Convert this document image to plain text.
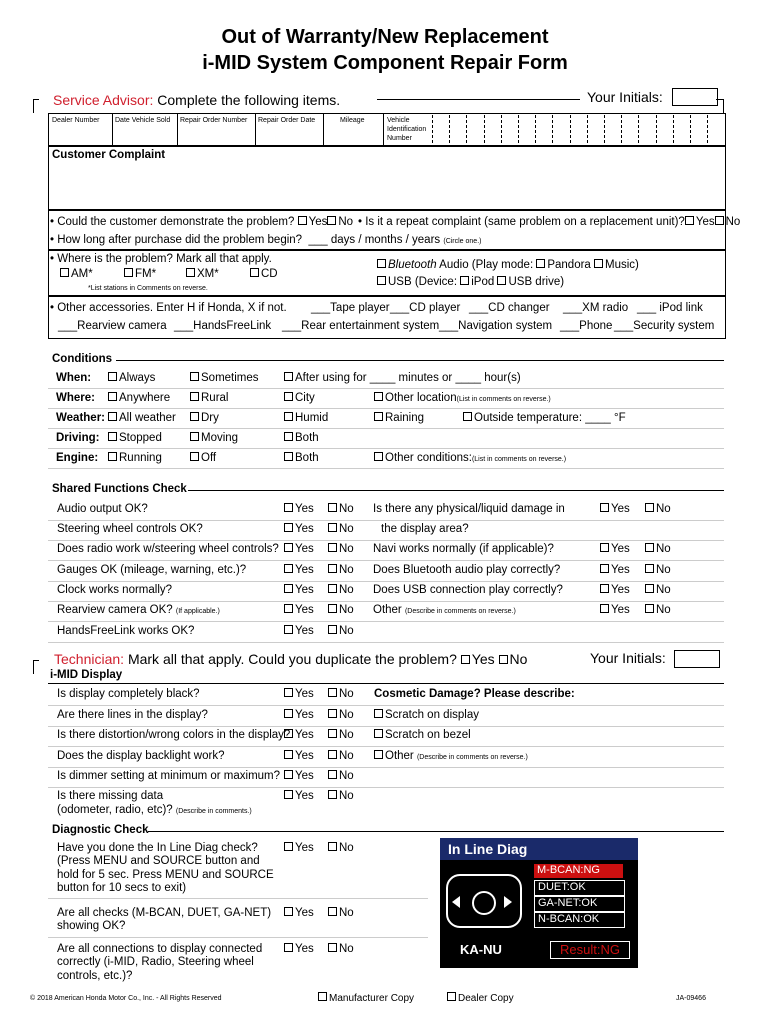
Out of Warranty/New Replacement
i-MID System Component Repair Form
Service Advisor: Complete the following items.	Your Initials:
Dealer Number Date Vehicle Sold Repair Order Number Repair Order Date	Mileage	Vehicle Identification Number
Customer Complaint
• Could the customer demonstrate the problem? Yes No • Is it a repeat complaint (same problem on a replacement unit)? Yes No
• How long after purchase did the problem begin? ___ days / months / years (Circle one.)
• Where is the problem? Mark all that apply.
AM*	FM*	XM*	CD
Bluetooth Audio (Play mode: Pandora Music)
USB (Device: iPod USB drive)
*List stations in Comments on reverse.
• Other accessories. Enter H if Honda, X if not. ___Tape player ___CD player ___CD changer ___XM radio ___ iPod link
___Rearview camera ___HandsFreeLink ___Rear entertainment system ___Navigation system ___Phone ___Security system
Conditions
When:	Always	Sometimes	After using for ____ minutes or ____ hour(s)
Where:	Anywhere	Rural	City	Other location(List in comments on reverse.)
Weather:	All weather	Dry	Humid	Raining	Outside temperature: ____ °F
Driving:	Stopped	Moving	Both
Engine:	Running	Off	Both	Other conditions:(List in comments on reverse.)
Shared Functions Check
Audio output OK?	Yes	No
Steering wheel controls OK?	Yes	No
Does radio work w/steering wheel controls?	Yes	No
Gauges OK (mileage, warning, etc.)?	Yes	No
Clock works normally?	Yes	No
Rearview camera OK? (If applicable.)	Yes	No
HandsFreeLink works OK?	Yes	No
Is there any physical/liquid damage in	Yes	No
the display area?
Navi works normally (if applicable)?	Yes	No
Does Bluetooth audio play correctly?	Yes	No
Does USB connection play correctly?	Yes	No
Other (Describe in comments on reverse.)	Yes	No
Technician: Mark all that apply. Could you duplicate the problem? Yes No	Your Initials:
i-MID Display
Is display completely black?	Yes	No
Are there lines in the display?	Yes	No
Is there distortion/wrong colors in the display? Yes	No
Does the display backlight work?	Yes	No
Is dimmer setting at minimum or maximum?	Yes	No
Is there missing data	Yes	No
(odometer, radio, etc)? (Describe in comments.)
Cosmetic Damage? Please describe:
Scratch on display
Scratch on bezel
Other (Describe in comments on reverse.)
Diagnostic Check
Have you done the In Line Diag check?
(Press MENU and SOURCE button and
hold for 5 sec. Press MENU and SOURCE
button for 10 secs to exit)
Yes	No
Are all checks (M-BCAN, DUET, GA-NET)
showing OK?
Yes	No
Are all connections to display connected
correctly (i-MID, Radio, Steering wheel
controls, etc.)?
Yes	No
In Line Diag
M-BCAN:NG
DUET:OK
GA-NET:OK
N-BCAN:OK
KA-NU	Result:NG
© 2018 American Honda Motor Co., Inc. - All Rights Reserved	Manufacturer Copy	Dealer Copy	JA-09466
